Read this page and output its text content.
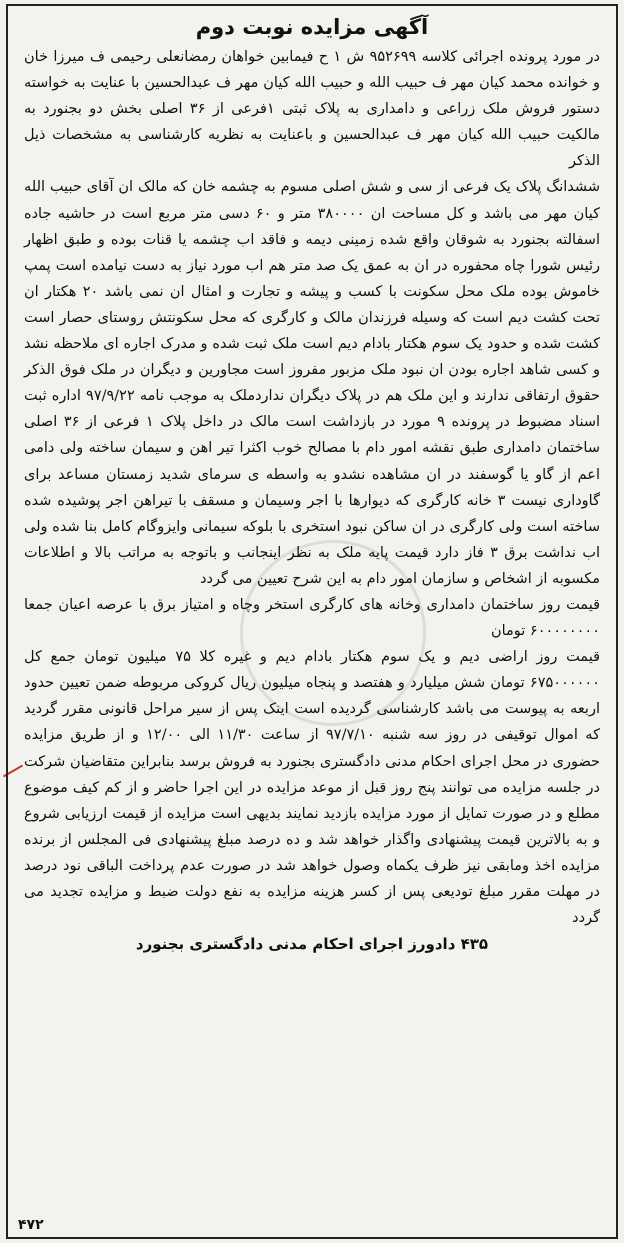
آگهی مزایده نوبت دوم

در مورد پرونده اجرائی کلاسه ۹۵۲۶۹۹ ش ۱ ح فیمابین خواهان رمضانعلی رحیمی ف میرزا خان و خوانده محمد کیان مهر ف حبیب الله و حبیب الله کیان مهر ف عبدالحسین با عنایت به خواسته دستور فروش ملک زراعی و دامداری به پلاک ثبتی ۱فرعی از ۳۶ اصلی بخش دو بجنورد به مالکیت حبیب الله کیان مهر ف عبدالحسین و باعنایت به نظریه کارشناسی به مشخصات ذیل الذکر

ششدانگ پلاک یک فرعی از سی و شش اصلی مسوم به چشمه خان که مالک ان آقای حبیب الله کیان مهر می باشد و کل مساحت ان ۳۸۰۰۰۰ متر و ۶۰ دسی متر مربع است در حاشیه جاده اسفالته بجنورد به شوقان واقع شده زمینی دیمه و فاقد اب چشمه یا قنات بوده و طبق اظهار رئیس شورا چاه محفوره در ان به عمق یک صد متر هم اب مورد نیاز به دست نیامده است پمپ خاموش بوده ملک محل سکونت با کسب و پیشه و تجارت و امثال ان نمی باشد ۲۰ هکتار ان تحت کشت دیم است که وسیله فرزندان مالک و کارگری که محل سکونتش روستای حصار است کشت شده و حدود یک سوم هکتار بادام دیم است ملک ثبت شده و مدرک اجاره ای ملاحظه نشد و کسی شاهد اجاره بودن ان نبود ملک مزبور مفروز است مجاورین و دیگران در ملک فوق الذکر حقوق ارتفاقی ندارند و این ملک هم در پلاک دیگران نداردملک به موجب نامه ۹۷/۹/۲۲ اداره ثبت اسناد مضبوط در پرونده ۹ مورد در بازداشت است مالک در داخل پلاک ۱ فرعی از ۳۶ اصلی ساختمان دامداری طبق نقشه امور دام با مصالح خوب اکثرا تیر اهن و سیمان ساخته ولی دامی اعم از گاو یا گوسفند در ان مشاهده نشدو به واسطه ی سرمای شدید زمستان مساعد برای گاوداری نیست ۳ خانه کارگری که دیوارها با اجر وسیمان و مسقف با تیراهن اجر پوشیده شده ساخته است ولی کارگری در ان ساکن نبود استخری با بلوکه سیمانی وایزوگام کامل بنا شده ولی اب نداشت برق ۳ فاز دارد قیمت پایه ملک به نظر اینجانب و باتوجه به مراتب بالا و اطلاعات مکسوبه از اشخاص و سازمان امور دام به این شرح تعیین می گردد

قیمت روز ساختمان دامداری وخانه های کارگری استخر وچاه و امتیاز برق با عرصه اعیان جمعا ۶۰۰۰۰۰۰۰۰ تومان

قیمت روز اراضی دیم و یک سوم هکتار بادام دیم و غیره کلا ۷۵ میلیون تومان جمع کل ۶۷۵۰۰۰۰۰۰ تومان شش میلیارد و هفتصد و پنجاه میلیون ریال کروکی مربوطه ضمن تعیین حدود اربعه به پیوست می باشد کارشناسی گردیده است اینک پس از سیر مراحل قانونی مقرر گردید که اموال توقیفی در روز سه شنبه ۹۷/۷/۱۰ از ساعت ۱۱/۳۰ الی ۱۲/۰۰ و از طریق مزایده حضوری در محل اجرای احکام مدنی دادگستری بجنورد به فروش برسد بنابراین متقاضیان شرکت در جلسه مزایده می توانند پنج روز قبل از موعد مزایده در این اجرا حاضر و از کم کیف موضوع مطلع و در صورت تمایل از مورد مزایده بازدید نمایند بدیهی است مزایده از قیمت ارزیابی شروع و به بالاترین قیمت پیشنهادی واگذار خواهد شد و ده درصد مبلغ پیشنهادی فی المجلس از برنده مزایده اخذ ومابقی نیز ظرف یکماه وصول خواهد شد در صورت عدم پرداخت الباقی نود درصد در مهلت مقرر مبلغ تودیعی پس از کسر هزینه مزایده به نفع دولت ضبط و مزایده تجدید می گردد

۴۳۵ دادورز اجرای احکام مدنی دادگستری بجنورد
۴۷۲
